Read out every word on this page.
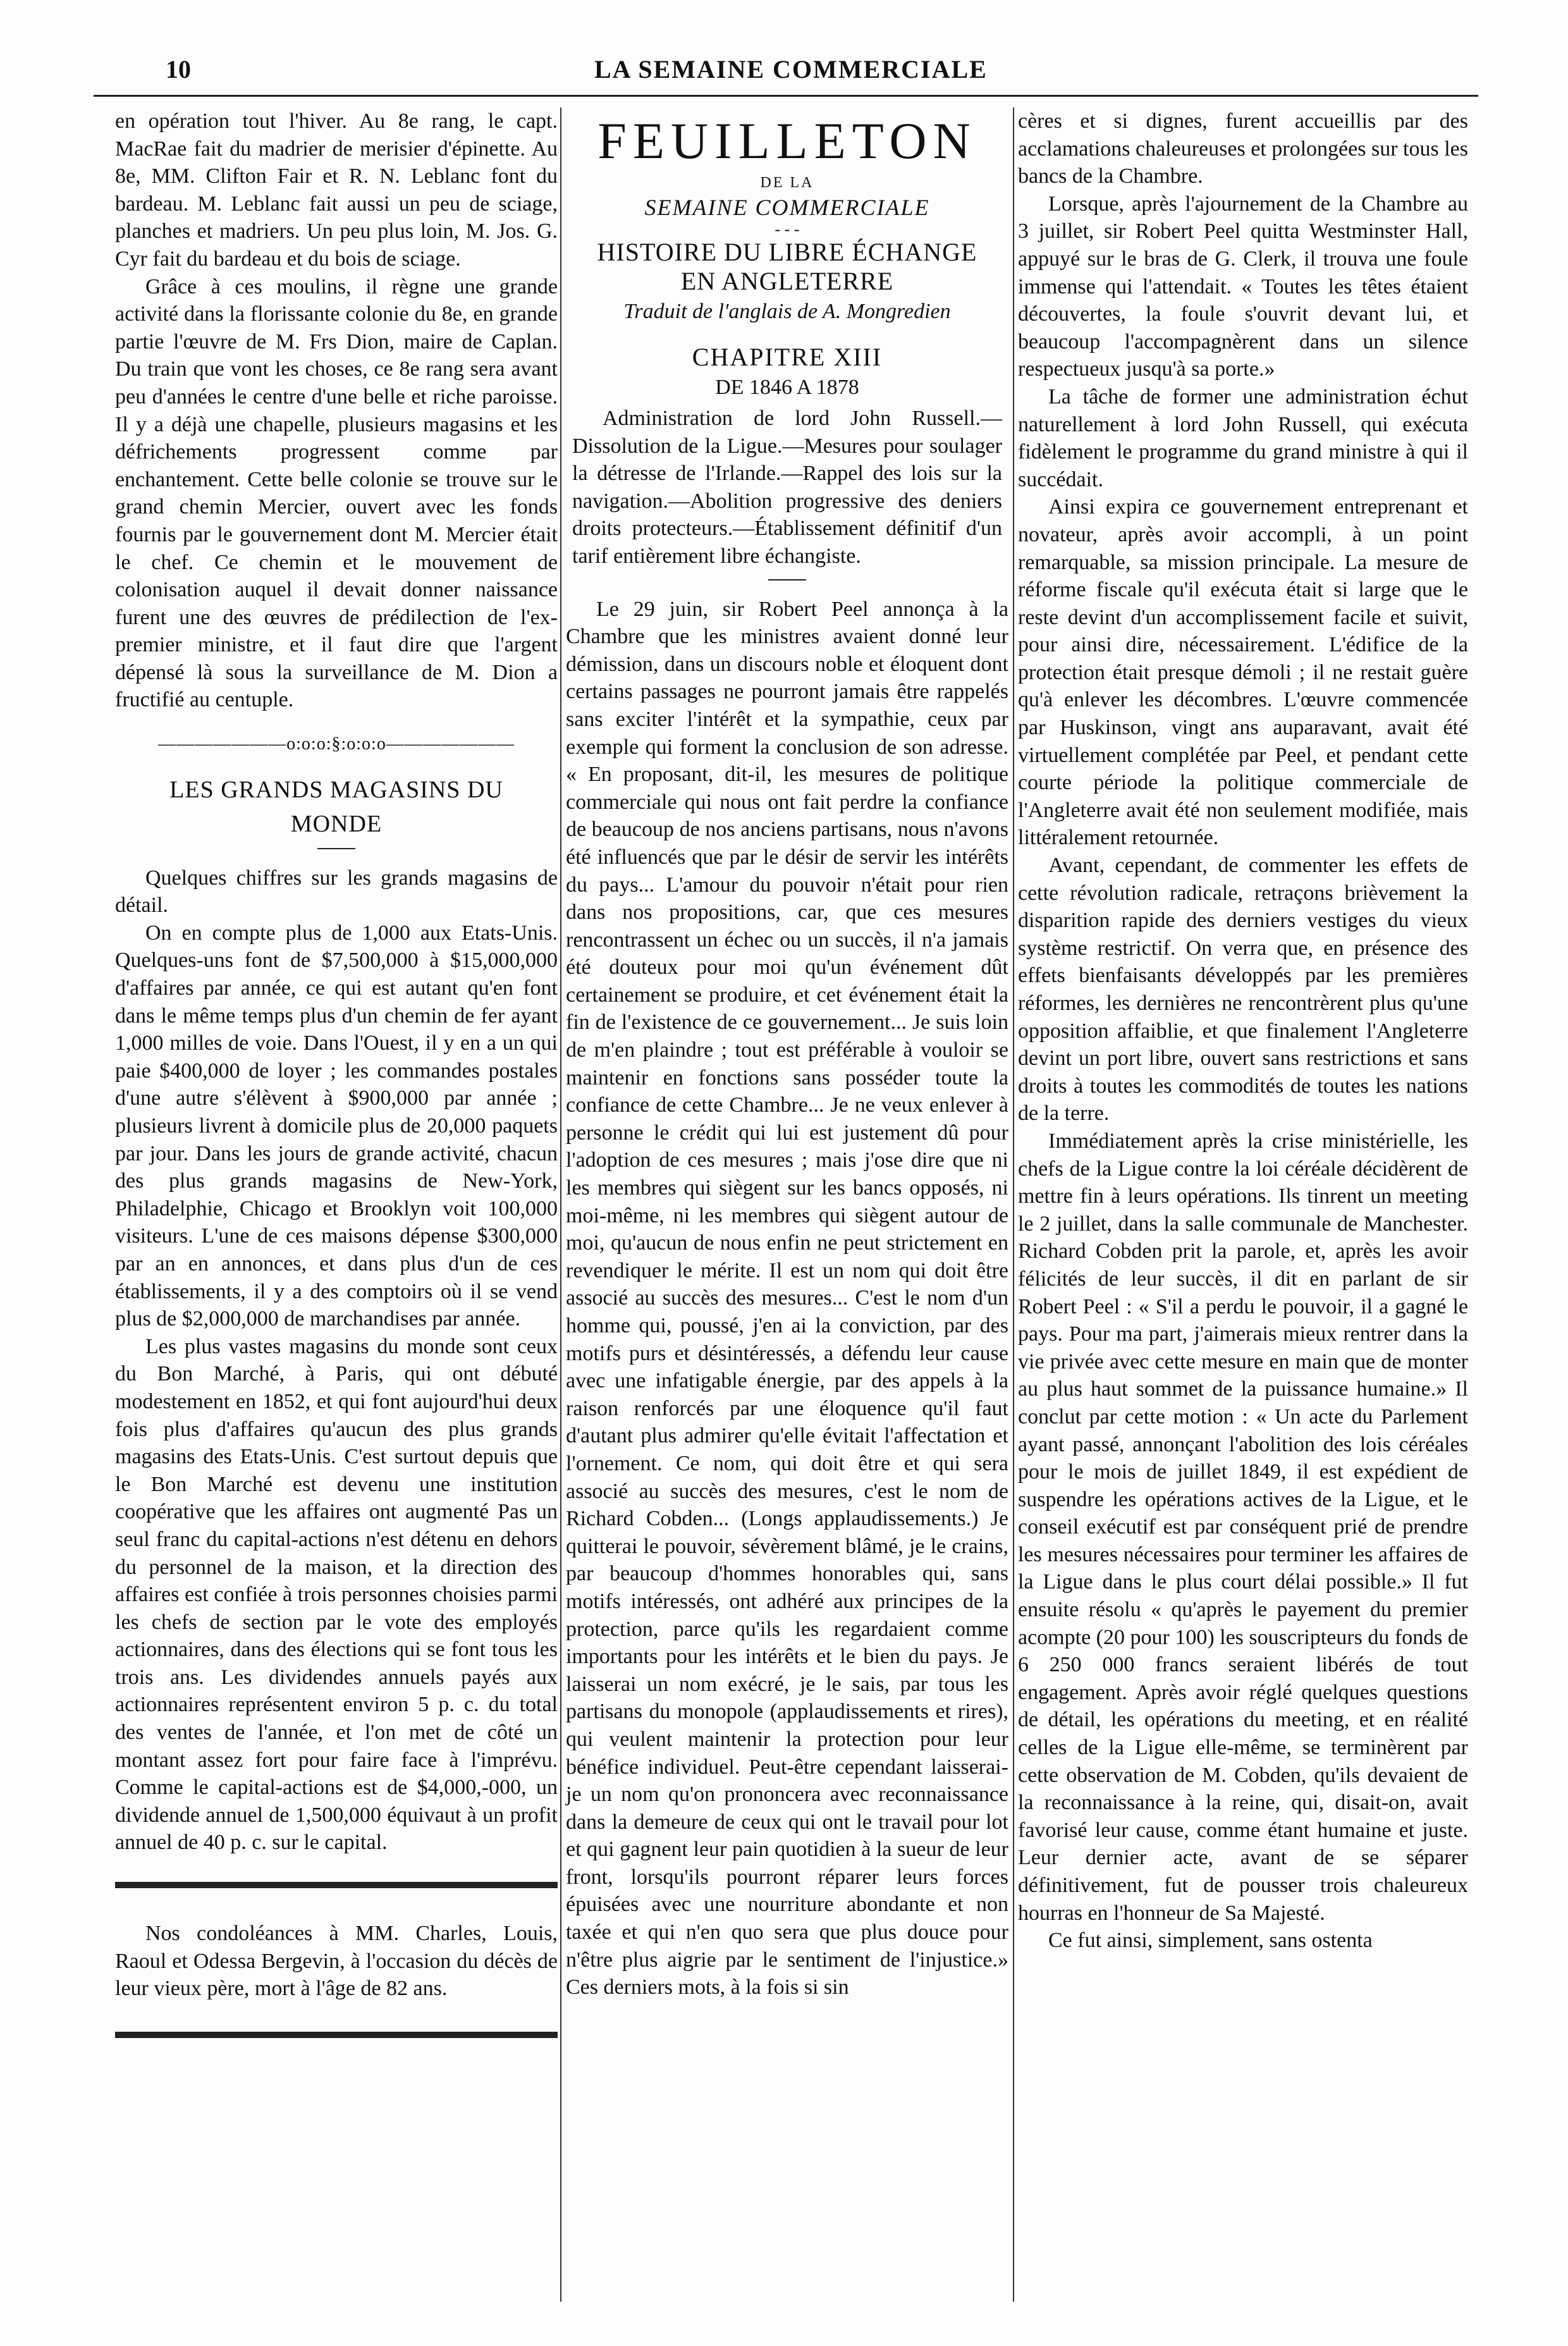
10	LA SEMAINE COMMERCIALE

en opération tout l'hiver. Au 8e rang, le capt. MacRae fait du madrier de merisier d'épinette. Au 8e, MM. Clifton Fair et R. N. Leblanc font du bardeau. M. Leblanc fait aussi un peu de sciage, planches et madriers. Un peu plus loin, M. Jos. G. Cyr fait du bardeau et du bois de sciage.

Grâce à ces moulins, il règne une grande activité dans la florissante colonie du 8e, en grande partie l'œuvre de M. Frs Dion, maire de Caplan. Du train que vont les choses, ce 8e rang sera avant peu d'années le centre d'une belle et riche paroisse. Il y a déjà une chapelle, plusieurs magasins et les défrichements progressent comme par enchantement. Cette belle colonie se trouve sur le grand chemin Mercier, ouvert avec les fonds fournis par le gouvernement dont M. Mercier était le chef. Ce chemin et le mouvement de colonisation auquel il devait donner naissance furent une des œuvres de prédilection de l'ex-premier ministre, et il faut dire que l'argent dépensé là sous la surveillance de M. Dion a fructifié au centuple.

———————o:o:o:§:o:o:o———————
LES GRANDS MAGASINS DU
MONDE

Quelques chiffres sur les grands magasins de détail.

On en compte plus de 1,000 aux Etats-Unis. Quelques-uns font de $7,500,000 à $15,000,000 d'affaires par année, ce qui est autant qu'en font dans le même temps plus d'un chemin de fer ayant 1,000 milles de voie. Dans l'Ouest, il y en a un qui paie $400,000 de loyer ; les commandes postales d'une autre s'élèvent à $900,000 par année ; plusieurs livrent à domicile plus de 20,000 paquets par jour. Dans les jours de grande activité, chacun des plus grands magasins de New-York, Philadelphie, Chicago et Brooklyn voit 100,000 visiteurs. L'une de ces maisons dépense $300,000 par an en annonces, et dans plus d'un de ces établissements, il y a des comptoirs où il se vend plus de $2,000,000 de marchandises par année.

Les plus vastes magasins du monde sont ceux du Bon Marché, à Paris, qui ont débuté modestement en 1852, et qui font aujourd'hui deux fois plus d'affaires qu'aucun des plus grands magasins des Etats-Unis. C'est surtout depuis que le Bon Marché est devenu une institution coopérative que les affaires ont augmenté Pas un seul franc du capital-actions n'est détenu en dehors du personnel de la maison, et la direction des affaires est confiée à trois personnes choisies parmi les chefs de section par le vote des employés actionnaires, dans des élections qui se font tous les trois ans. Les dividendes annuels payés aux actionnaires représentent environ 5 p. c. du total des ventes de l'année, et l'on met de côté un montant assez fort pour faire face à l'imprévu. Comme le capital-actions est de $4,000,-000, un dividende annuel de 1,500,000 équivaut à un profit annuel de 40 p. c. sur le capital.

Nos condoléances à MM. Charles, Louis, Raoul et Odessa Bergevin, à l'occasion du décès de leur vieux père, mort à l'âge de 82 ans.

FEUILLETON
DE LA
SEMAINE COMMERCIALE
- - -
HISTOIRE DU LIBRE ÉCHANGE
EN ANGLETERRE
Traduit de l'anglais de A. Mongredien
CHAPITRE XIII
DE 1846 A 1878

Administration de lord John Russell.—Dissolution de la Ligue.—Mesures pour soulager la détresse de l'Irlande.—Rappel des lois sur la navigation.—Abolition progressive des deniers droits protecteurs.—Établissement définitif d'un tarif entièrement libre échangiste.

Le 29 juin, sir Robert Peel annonça à la Chambre que les ministres avaient donné leur démission, dans un discours noble et éloquent dont certains passages ne pourront jamais être rappelés sans exciter l'intérêt et la sympathie, ceux par exemple qui forment la conclusion de son adresse. « En proposant, dit-il, les mesures de politique commerciale qui nous ont fait perdre la confiance de beaucoup de nos anciens partisans, nous n'avons été influencés que par le désir de servir les intérêts du pays... L'amour du pouvoir n'était pour rien dans nos propositions, car, que ces mesures rencontrassent un échec ou un succès, il n'a jamais été douteux pour moi qu'un événement dût certainement se produire, et cet événement était la fin de l'existence de ce gouvernement... Je suis loin de m'en plaindre ; tout est préférable à vouloir se maintenir en fonctions sans posséder toute la confiance de cette Chambre... Je ne veux enlever à personne le crédit qui lui est justement dû pour l'adoption de ces mesures ; mais j'ose dire que ni les membres qui siègent sur les bancs opposés, ni moi-même, ni les membres qui siègent autour de moi, qu'aucun de nous enfin ne peut strictement en revendiquer le mérite. Il est un nom qui doit être associé au succès des mesures... C'est le nom d'un homme qui, poussé, j'en ai la conviction, par des motifs purs et désintéressés, a défendu leur cause avec une infatigable énergie, par des appels à la raison renforcés par une éloquence qu'il faut d'autant plus admirer qu'elle évitait l'affectation et l'ornement. Ce nom, qui doit être et qui sera associé au succès des mesures, c'est le nom de Richard Cobden... (Longs applaudissements.) Je quitterai le pouvoir, sévèrement blâmé, je le crains, par beaucoup d'hommes honorables qui, sans motifs intéressés, ont adhéré aux principes de la protection, parce qu'ils les regardaient comme importants pour les intérêts et le bien du pays. Je laisserai un nom exécré, je le sais, par tous les partisans du monopole (applaudissements et rires), qui veulent maintenir la protection pour leur bénéfice individuel. Peut-être cependant laisserai-je un nom qu'on prononcera avec reconnaissance dans la demeure de ceux qui ont le travail pour lot et qui gagnent leur pain quotidien à la sueur de leur front, lorsqu'ils pourront réparer leurs forces épuisées avec une nourriture abondante et non taxée et qui n'en quo sera que plus douce pour n'être plus aigrie par le sentiment de l'injustice.» Ces derniers mots, à la fois si sin

cères et si dignes, furent accueillis par des acclamations chaleureuses et prolongées sur tous les bancs de la Chambre.

Lorsque, après l'ajournement de la Chambre au 3 juillet, sir Robert Peel quitta Westminster Hall, appuyé sur le bras de G. Clerk, il trouva une foule immense qui l'attendait. « Toutes les têtes étaient découvertes, la foule s'ouvrit devant lui, et beaucoup l'accompagnèrent dans un silence respectueux jusqu'à sa porte.»

La tâche de former une administration échut naturellement à lord John Russell, qui exécuta fidèlement le programme du grand ministre à qui il succédait.

Ainsi expira ce gouvernement entreprenant et novateur, après avoir accompli, à un point remarquable, sa mission principale. La mesure de réforme fiscale qu'il exécuta était si large que le reste devint d'un accomplissement facile et suivit, pour ainsi dire, nécessairement. L'édifice de la protection était presque démoli ; il ne restait guère qu'à enlever les décombres. L'œuvre commencée par Huskinson, vingt ans auparavant, avait été virtuellement complétée par Peel, et pendant cette courte période la politique commerciale de l'Angleterre avait été non seulement modifiée, mais littéralement retournée.

Avant, cependant, de commenter les effets de cette révolution radicale, retraçons brièvement la disparition rapide des derniers vestiges du vieux système restrictif. On verra que, en présence des effets bienfaisants développés par les premières réformes, les dernières ne rencontrèrent plus qu'une opposition affaiblie, et que finalement l'Angleterre devint un port libre, ouvert sans restrictions et sans droits à toutes les commodités de toutes les nations de la terre.

Immédiatement après la crise ministérielle, les chefs de la Ligue contre la loi céréale décidèrent de mettre fin à leurs opérations. Ils tinrent un meeting le 2 juillet, dans la salle communale de Manchester. Richard Cobden prit la parole, et, après les avoir félicités de leur succès, il dit en parlant de sir Robert Peel : « S'il a perdu le pouvoir, il a gagné le pays. Pour ma part, j'aimerais mieux rentrer dans la vie privée avec cette mesure en main que de monter au plus haut sommet de la puissance humaine.» Il conclut par cette motion : « Un acte du Parlement ayant passé, annonçant l'abolition des lois céréales pour le mois de juillet 1849, il est expédient de suspendre les opérations actives de la Ligue, et le conseil exécutif est par conséquent prié de prendre les mesures nécessaires pour terminer les affaires de la Ligue dans le plus court délai possible.» Il fut ensuite résolu « qu'après le payement du premier acompte (20 pour 100) les souscripteurs du fonds de 6 250 000 francs seraient libérés de tout engagement. Après avoir réglé quelques questions de détail, les opérations du meeting, et en réalité celles de la Ligue elle-même, se terminèrent par cette observation de M. Cobden, qu'ils devaient de la reconnaissance à la reine, qui, disait-on, avait favorisé leur cause, comme étant humaine et juste. Leur dernier acte, avant de se séparer définitivement, fut de pousser trois chaleureux hourras en l'honneur de Sa Majesté.

Ce fut ainsi, simplement, sans ostenta
